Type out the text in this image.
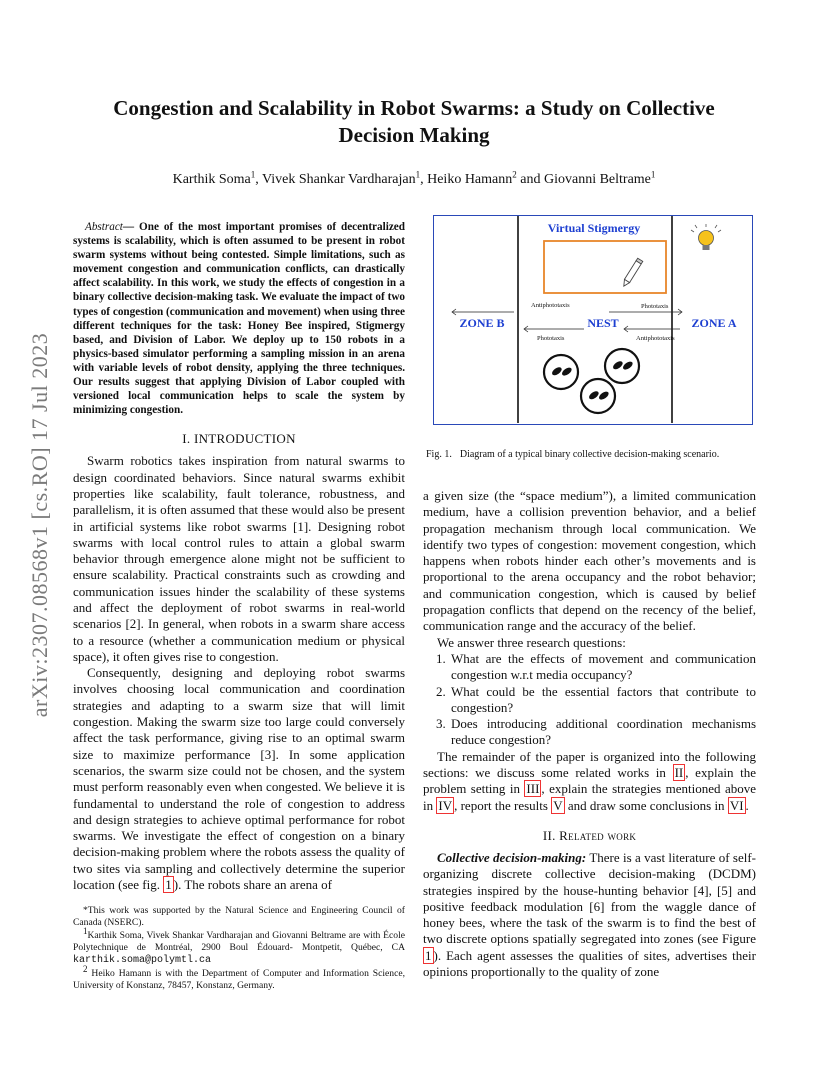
arXiv:2307.08568v1 [cs.RO] 17 Jul 2023
Congestion and Scalability in Robot Swarms: a Study on Collective
Decision Making
Karthik Soma$^1$, Vivek Shankar Vardharajan$^1$, Heiko Hamann$^2$ and Giovanni Beltrame$^1$

Abstract— One of the most important promises of decentralized systems is scalability, which is often assumed to be present in robot swarm systems without being contested. Simple limitations, such as movement congestion and communication conflicts, can drastically affect scalability. In this work, we study the effects of congestion in a binary collective decision-making task. We evaluate the impact of two types of congestion (communication and movement) when using three different techniques for the task: Honey Bee inspired, Stigmergy based, and Division of Labor. We deploy up to 150 robots in a physics-based simulator performing a sampling mission in an arena with variable levels of robot density, applying the three techniques. Our results suggest that applying Division of Labor coupled with versioned local communication helps to scale the system by minimizing congestion.

I. INTRODUCTION

Swarm robotics takes inspiration from natural swarms to design coordinated behaviors. Since natural swarms exhibit properties like scalability, fault tolerance, robustness, and parallelism, it is often assumed that these would also be present in artificial systems like robot swarms [1]. Designing robot swarms with local control rules to attain a global swarm behavior through emergence alone might not be sufficient to ensure scalability. Practical constraints such as crowding and communication issues hinder the scalability of these systems and affect the deployment of robot swarms in real-world scenarios [2]. In general, when robots in a swarm share access to a resource (whether a communication medium or physical space), it often gives rise to congestion.

Consequently, designing and deploying robot swarms involves choosing local communication and coordination strategies and adapting to a swarm size that will limit congestion. Making the swarm size too large could conversely affect the task performance, giving rise to an optimal swarm size to maximize performance [3]. In some application scenarios, the swarm size could not be chosen, and the system must perform reasonably even when congested. We believe it is fundamental to understand the role of congestion to address and design strategies to achieve optimal performance for robot swarms. We investigate the effect of congestion on a binary decision-making problem where the robots assess the quality of two sites via sampling and collectively determine the superior location (see fig. 1 ). The robots share an arena of

*This work was supported by the Natural Science and Engineering Council of Canada (NSERC).

$^1$Karthik Soma, Vivek Shankar Vardharajan and Giovanni Beltrame are with École Polytechnique de Montréal, 2900 Boul Édouard- Montpetit, Québec, CA karthik.soma@polymtl.ca

$^2$ Heiko Hamann is with the Department of Computer and Information Science, University of Konstanz, 78457, Konstanz, Germany.

Virtual Stigmergy
ZONE B	ZONE A
NEST
Antiphototaxis
Phototaxis
Phototaxis
Antiphototaxis
Fig. 1. Diagram of a typical binary collective decision-making scenario.

a given size (the “space medium”), a limited communication medium, have a collision prevention behavior, and a belief propagation mechanism through local communication. We identify two types of congestion: movement congestion, which happens when robots hinder each other’s movements and is proportional to the arena occupancy and the robot behavior; and communication congestion, which is caused by belief propagation conflicts that depend on the recency of the belief, communication range and the accuracy of the belief.

We answer three research questions:

1. What are the effects of movement and communication congestion w.r.t media occupancy?
2. What could be the essential factors that contribute to congestion?
3. Does introducing additional coordination mechanisms reduce congestion?

The remainder of the paper is organized into the following sections: we discuss some related works in II , explain the problem setting in III , explain the strategies mentioned above in IV , report the results V and draw some conclusions in VI .

II. Related work

Collective decision-making: There is a vast literature of self-organizing discrete collective decision-making (DCDM) strategies inspired by the house-hunting behavior [4], [5] and positive feedback modulation [6] from the waggle dance of honey bees, where the task of the swarm is to find the best of two discrete options spatially segregated into zones (see Figure 1 ). Each agent assesses the qualities of sites, advertises their opinions proportionally to the quality of zone
